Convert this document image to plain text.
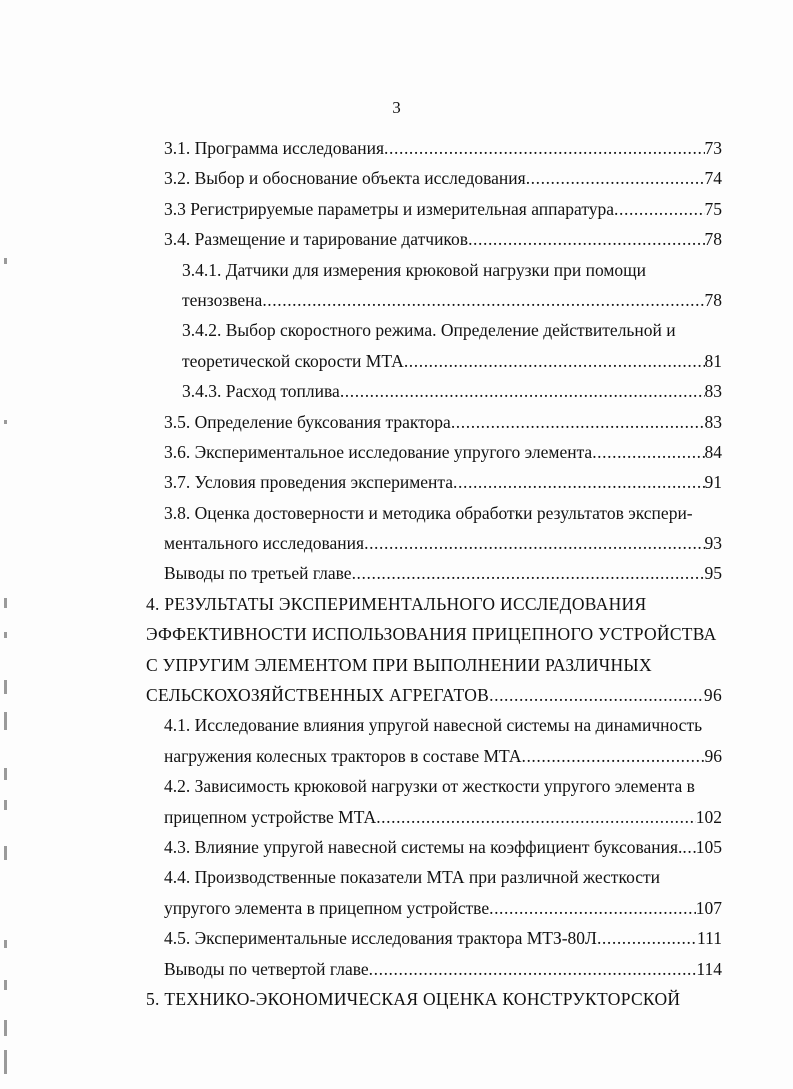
3
3.1. Программа исследования .....	73
3.2. Выбор и обоснование объекта исследования .....	74
3.3 Регистрируемые параметры и измерительная аппаратура .....	75
3.4. Размещение и тарирование датчиков .....	78
3.4.1. Датчики для измерения крюковой нагрузки при помощи
тензозвена .....	78
3.4.2. Выбор скоростного режима. Определение действительной и
теоретической скорости МТА .....	81
3.4.3. Расход топлива .....	83
3.5. Определение буксования трактора .....	83
3.6. Экспериментальное исследование упругого элемента .....	84
3.7. Условия проведения эксперимента .....	91
3.8. Оценка достоверности и методика обработки результатов экспери-
ментального исследования .....	93
Выводы по третьей главе .....	95
4. РЕЗУЛЬТАТЫ ЭКСПЕРИМЕНТАЛЬНОГО ИССЛЕДОВАНИЯ
ЭФФЕКТИВНОСТИ ИСПОЛЬЗОВАНИЯ ПРИЦЕПНОГО УСТРОЙСТВА
С УПРУГИМ ЭЛЕМЕНТОМ ПРИ ВЫПОЛНЕНИИ РАЗЛИЧНЫХ
СЕЛЬСКОХОЗЯЙСТВЕННЫХ АГРЕГАТОВ .....	96
4.1. Исследование влияния упругой навесной системы на динамичность
нагружения колесных тракторов в составе МТА .....	96
4.2. Зависимость крюковой нагрузки от жесткости упругого элемента в
прицепном устройстве МТА .....	102
4.3. Влияние упругой навесной системы на коэффициент буксования. ..... 105
4.4. Производственные показатели МТА при различной жесткости
упругого элемента в прицепном устройстве .....	107
4.5. Экспериментальные исследования трактора МТЗ-80Л .....	111
Выводы по четвертой главе .....	114
5. ТЕХНИКО-ЭКОНОМИЧЕСКАЯ ОЦЕНКА КОНСТРУКТОРСКОЙ
